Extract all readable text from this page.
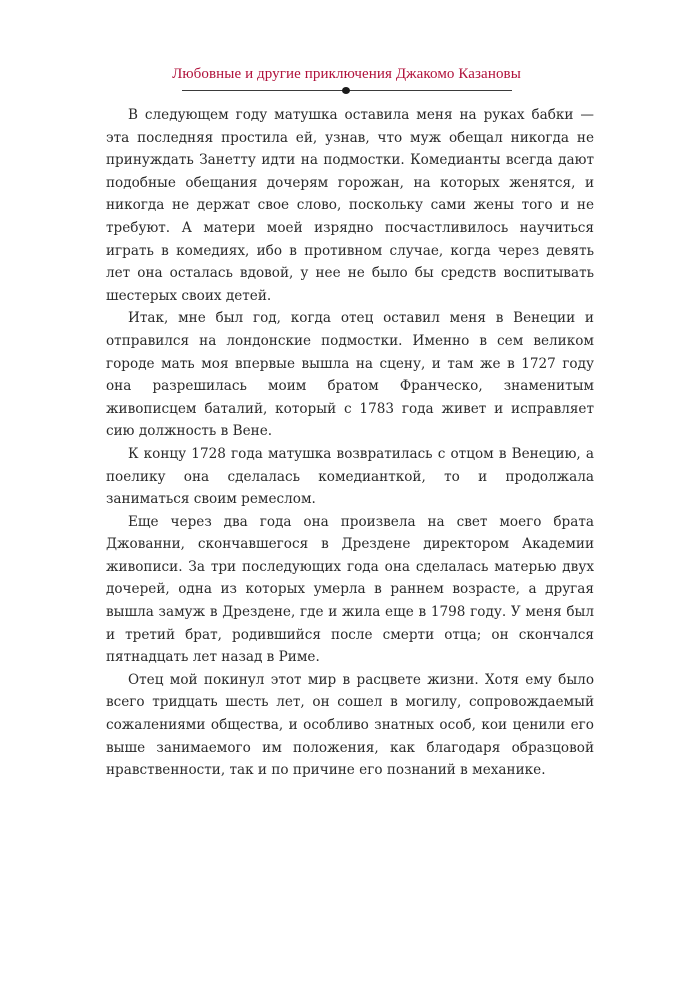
Любовные и другие приключения Джакомо Казановы

В следующем году матушка оставила меня на руках бабки — эта последняя простила ей, узнав, что муж обещал никогда не принуждать Занетту идти на подмостки. Комедианты всегда дают подобные обещания дочерям горожан, на которых женятся, и никогда не держат свое слово, поскольку сами жены того и не требуют. А матери моей изрядно посчастливилось научиться играть в комедиях, ибо в противном случае, когда через девять лет она осталась вдовой, у нее не было бы средств воспитывать шестерых своих детей.

Итак, мне был год, когда отец оставил меня в Венеции и отправился на лондонские подмостки. Именно в сем великом городе мать моя впервые вышла на сцену, и там же в 1727 году она разрешилась моим братом Франческо, знаменитым живописцем баталий, который с 1783 года живет и исправляет сию должность в Вене.

К концу 1728 года матушка возвратилась с отцом в Венецию, а поелику она сделалась комедианткой, то и продолжала заниматься своим ремеслом.

Еще через два года она произвела на свет моего брата Джованни, скончавшегося в Дрездене директором Академии живописи. За три последующих года она сделалась матерью двух дочерей, одна из которых умерла в раннем возрасте, а другая вышла замуж в Дрездене, где и жила еще в 1798 году. У меня был и третий брат, родившийся после смерти отца; он скончался пятнадцать лет назад в Риме.

Отец мой покинул этот мир в расцвете жизни. Хотя ему было всего тридцать шесть лет, он сошел в могилу, сопровождаемый сожалениями общества, и особливо знатных особ, кои ценили его выше занимаемого им положения, как благодаря образцовой нравственности, так и по причине его познаний в механике.
